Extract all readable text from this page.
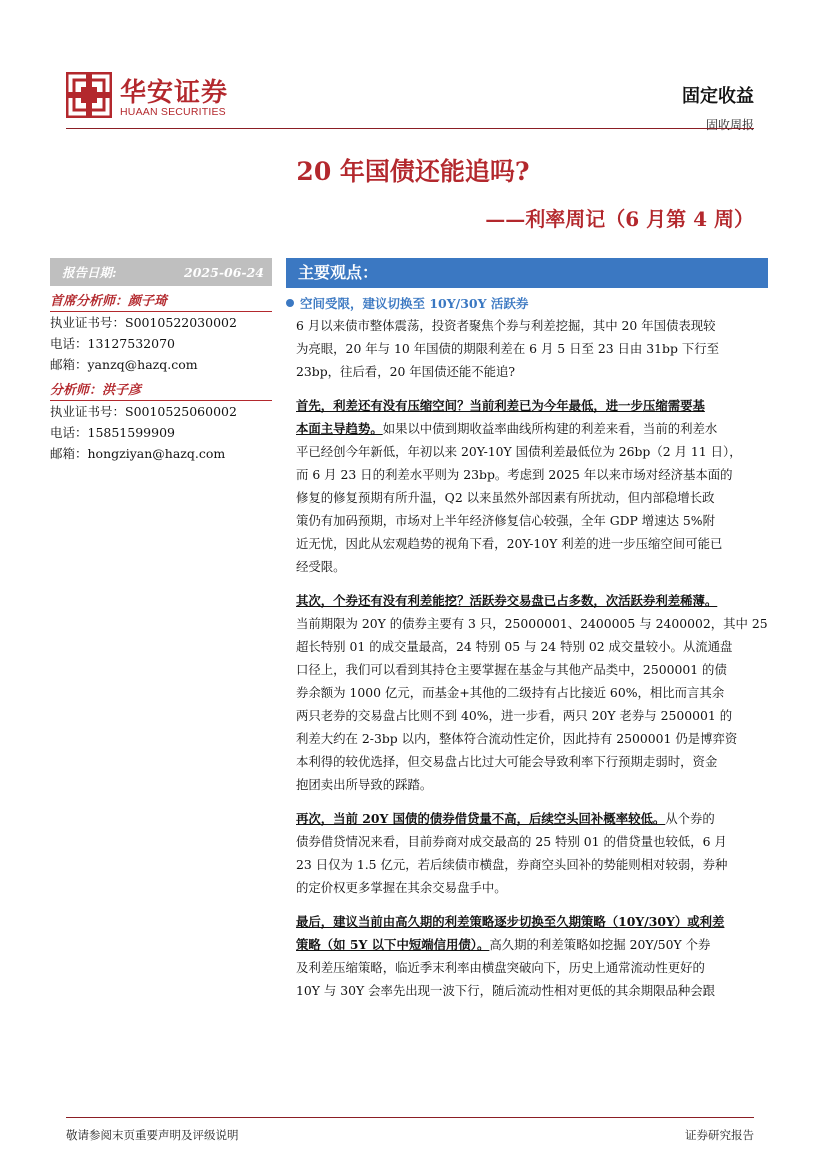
华安证券
HUAAN SECURITIES
固定收益
固收周报
20 年国债还能追吗?
——利率周记（6 月第 4 周）
报告日期:	2025-06-24
首席分析师：颜子琦
执业证书号：S0010522030002
电话：13127532070
邮箱：yanzq@hazq.com
分析师：洪子彦
执业证书号：S0010525060002
电话：15851599909
邮箱：hongziyan@hazq.com
主要观点：
空间受限，建议切换至 10Y/30Y 活跃券
6 月以来债市整体震荡，投资者聚焦个券与利差挖掘，其中 20 年国债表现较
为亮眼，20 年与 10 年国债的期限利差在 6 月 5 日至 23 日由 31bp 下行至
23bp，往后看，20 年国债还能不能追?
首先，利差还有没有压缩空间？当前利差已为今年最低，进一步压缩需要基
本面主导趋势。如果以中债到期收益率曲线所构建的利差来看，当前的利差水
平已经创今年新低，年初以来 20Y-10Y 国债利差最低位为 26bp（2 月 11 日），
而 6 月 23 日的利差水平则为 23bp。考虑到 2025 年以来市场对经济基本面的
修复的修复预期有所升温，Q2 以来虽然外部因素有所扰动，但内部稳增长政
策仍有加码预期，市场对上半年经济修复信心较强，全年 GDP 增速达 5%附
近无忧，因此从宏观趋势的视角下看，20Y-10Y 利差的进一步压缩空间可能已
经受限。
其次，个券还有没有利差能挖？活跃券交易盘已占多数，次活跃券利差稀薄。
当前期限为 20Y 的债券主要有 3 只，25000001、2400005 与 2400002，其中 25
超长特别 01 的成交量最高，24 特别 05 与 24 特别 02 成交量较小。从流通盘
口径上，我们可以看到其持仓主要掌握在基金与其他产品类中，2500001 的债
券余额为 1000 亿元，而基金+其他的二级持有占比接近 60%，相比而言其余
两只老券的交易盘占比则不到 40%，进一步看，两只 20Y 老券与 2500001 的
利差大约在 2-3bp 以内，整体符合流动性定价，因此持有 2500001 仍是博弈资
本利得的较优选择，但交易盘占比过大可能会导致利率下行预期走弱时，资金
抱团卖出所导致的踩踏。
再次，当前 20Y 国债的债券借贷量不高，后续空头回补概率较低。从个券的
债券借贷情况来看，目前券商对成交最高的 25 特别 01 的借贷量也较低，6 月
23 日仅为 1.5 亿元，若后续债市横盘，券商空头回补的势能则相对较弱，券种
的定价权更多掌握在其余交易盘手中。
最后，建议当前由高久期的利差策略逐步切换至久期策略（10Y/30Y）或利差
策略（如 5Y 以下中短端信用债）。高久期的利差策略如挖掘 20Y/50Y 个券
及利差压缩策略，临近季末利率由横盘突破向下，历史上通常流动性更好的
10Y 与 30Y 会率先出现一波下行，随后流动性相对更低的其余期限品种会跟
敬请参阅末页重要声明及评级说明	证券研究报告
